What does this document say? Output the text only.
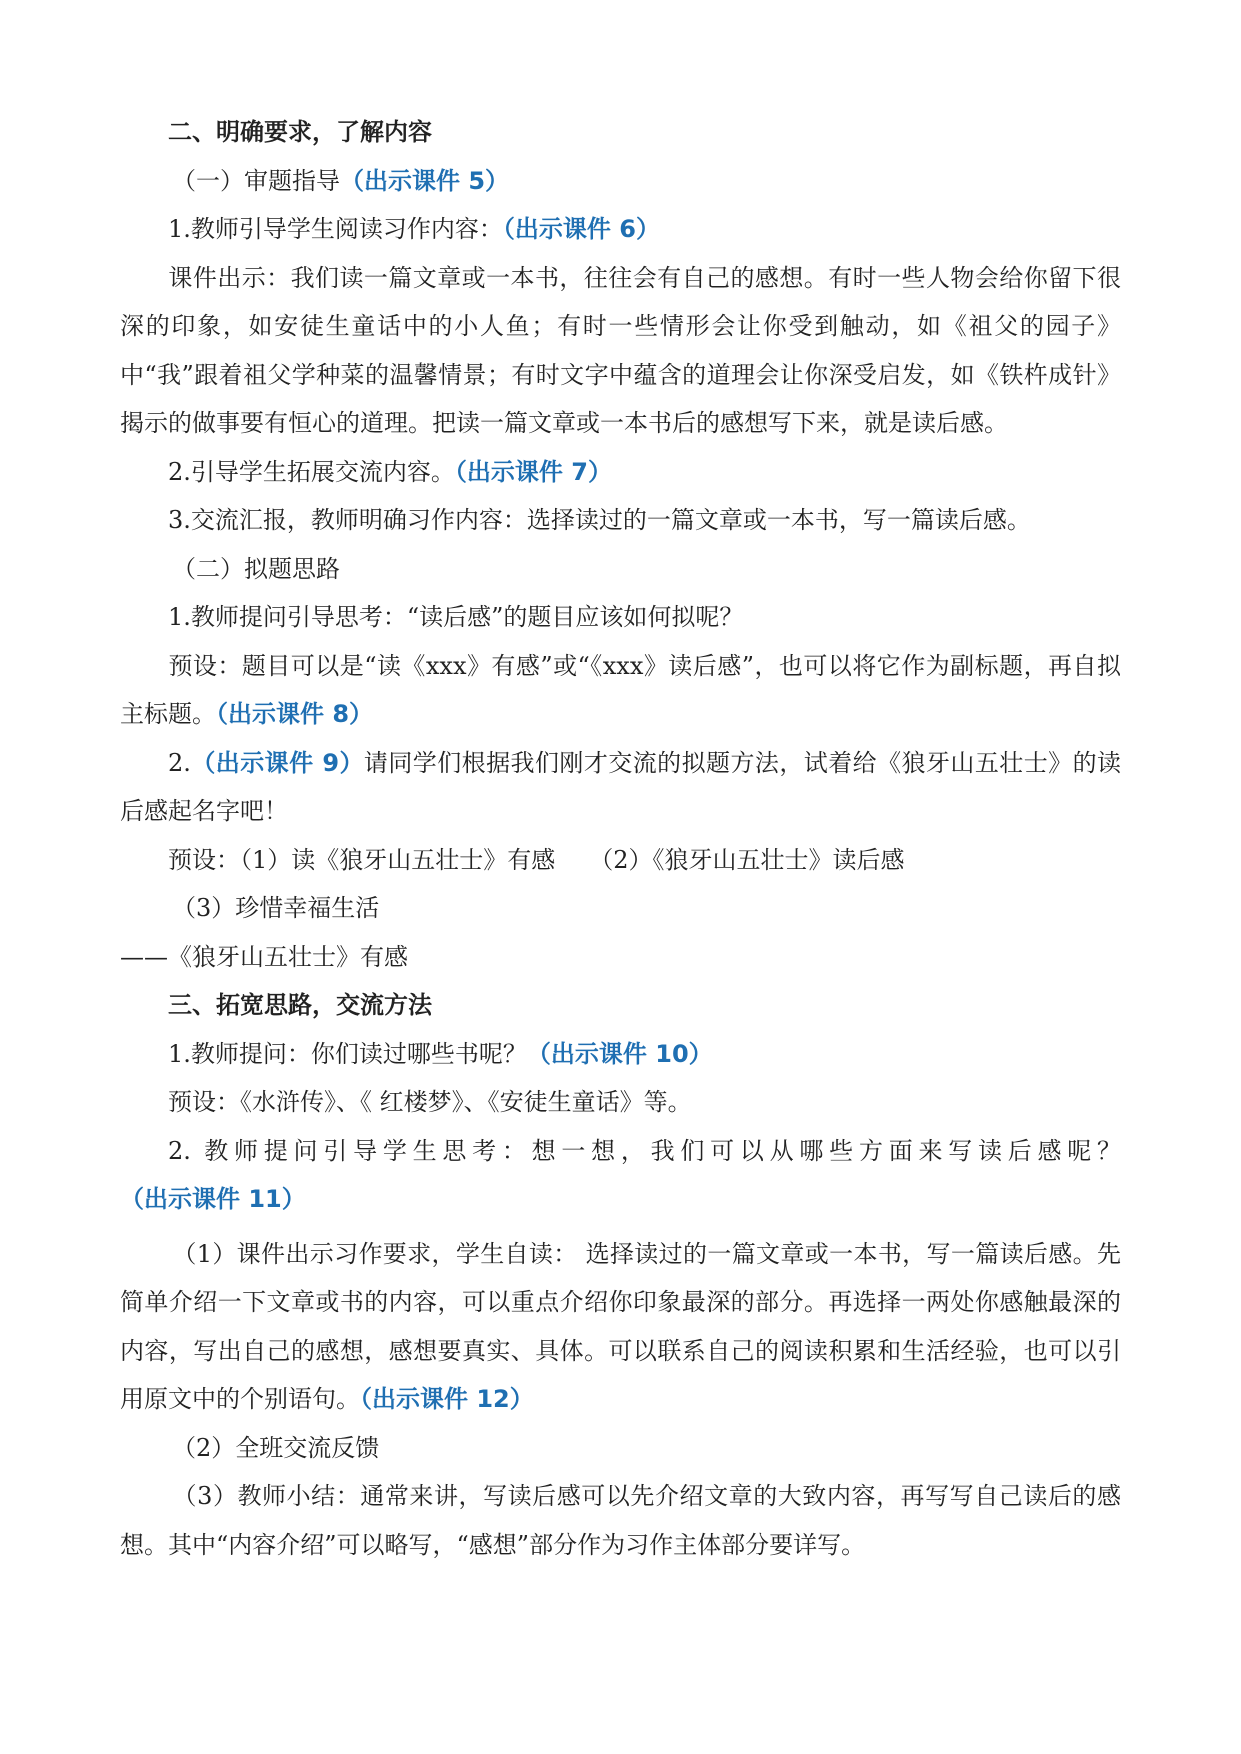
二、明确要求，了解内容

（一）审题指导（出示课件 5）

1.教师引导学生阅读习作内容：（出示课件 6）

课件出示：我们读一篇文章或一本书，往往会有自己的感想。有时一些人物会给你留下很深的印象，如安徒生童话中的小人鱼；有时一些情形会让你受到触动，如《祖父的园子》中“我”跟着祖父学种菜的温馨情景；有时文字中蕴含的道理会让你深受启发，如《铁杵成针》揭示的做事要有恒心的道理。把读一篇文章或一本书后的感想写下来，就是读后感。

2.引导学生拓展交流内容。（出示课件 7）

3.交流汇报，教师明确习作内容：选择读过的一篇文章或一本书，写一篇读后感。

（二）拟题思路

1.教师提问引导思考：“读后感”的题目应该如何拟呢？

预设：题目可以是“读《xxx》有感”或“《xxx》读后感”，也可以将它作为副标题，再自拟主标题。（出示课件 8）

2.（出示课件 9）请同学们根据我们刚才交流的拟题方法，试着给《狼牙山五壮士》的读后感起名字吧！

预设：（1）读《狼牙山五壮士》有感 （2）《狼牙山五壮士》读后感

（3）珍惜幸福生活

——《狼牙山五壮士》有感

三、拓宽思路，交流方法

1.教师提问：你们读过哪些书呢？（出示课件 10）

预设：《水浒传》、《 红楼梦》、《安徒生童话》等。

2. 教师提问引导学生思考：想一想，我们可以从哪些方面来写读后感呢？（出示课件 11）

（1）课件出示习作要求，学生自读： 选择读过的一篇文章或一本书，写一篇读后感。先简单介绍一下文章或书的内容，可以重点介绍你印象最深的部分。再选择一两处你感触最深的内容，写出自己的感想，感想要真实、具体。可以联系自己的阅读积累和生活经验，也可以引用原文中的个别语句。（出示课件 12）

（2）全班交流反馈

（3）教师小结：通常来讲，写读后感可以先介绍文章的大致内容，再写写自己读后的感想。其中“内容介绍”可以略写，“感想”部分作为习作主体部分要详写。
